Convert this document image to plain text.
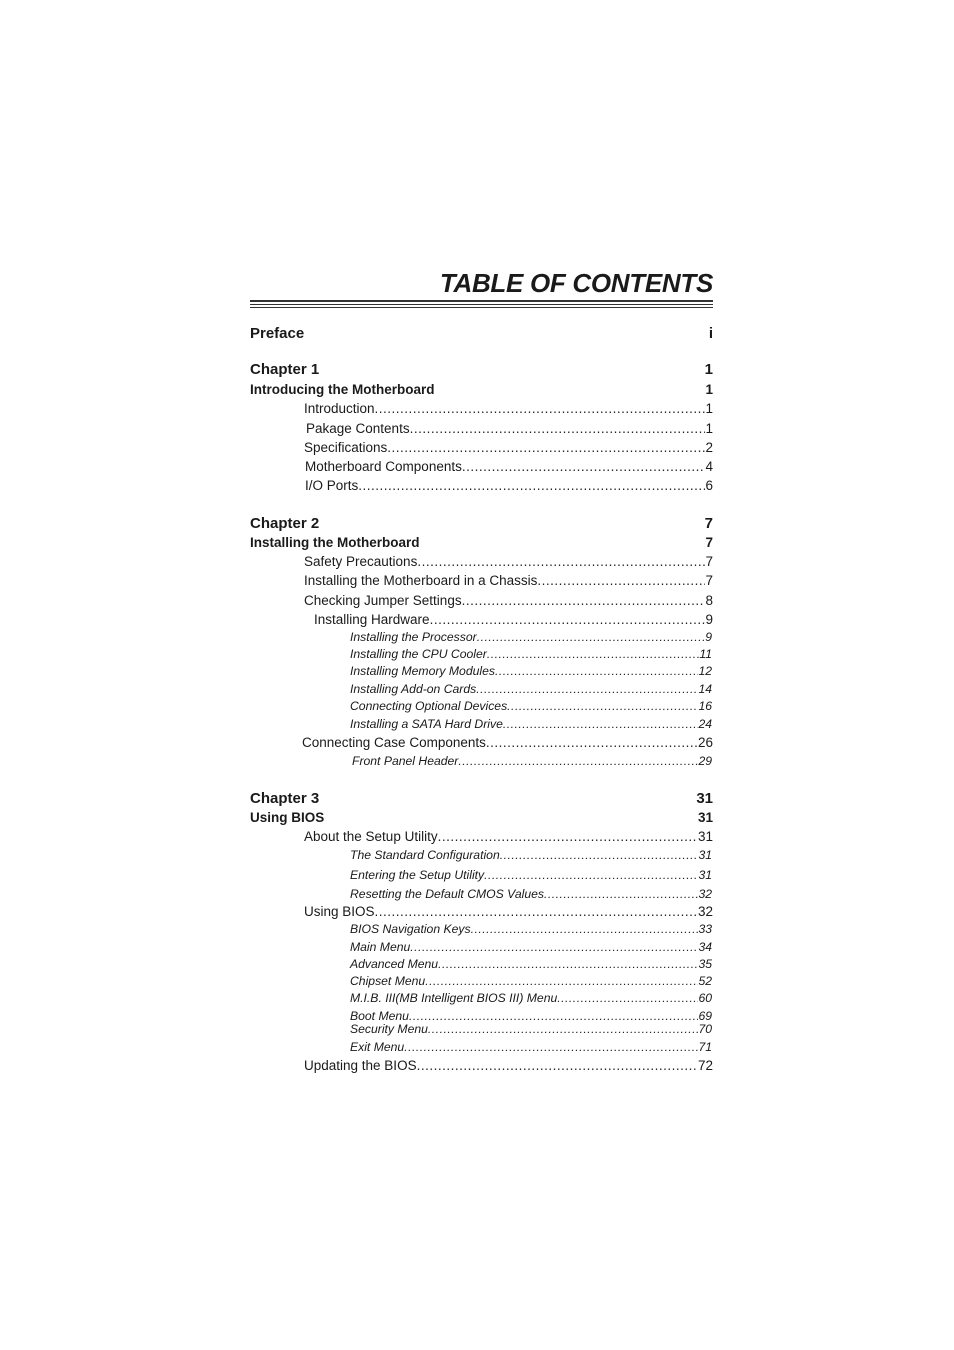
TABLE OF CONTENTS
Preface	i
Chapter 1	1
Introducing the Motherboard	1
Introduction .....	1
Pakage Contents .....	1
Specifications .....	2
Motherboard Components .....	4
I/O Ports .....	6
Chapter 2	7
Installing the Motherboard	7
Safety Precautions .....	7
Installing the Motherboard in a Chassis .....	7
Checking Jumper Settings .....	8
Installing Hardware .....	9
Installing the Processor .....	9
Installing the CPU Cooler .....	11
Installing Memory Modules .....	12
Installing Add-on Cards .....	14
Connecting Optional Devices .....	16
Installing a SATA Hard Drive .....	24
Connecting Case Components .....	26
Front Panel Header .....	29
Chapter 3	31
Using BIOS	31
About the Setup Utility .....	31
The Standard Configuration .....	31
Entering the Setup Utility .....	31
Resetting the Default CMOS Values .....	32
Using BIOS .....	32
BIOS Navigation Keys .....	33
Main Menu .....	34
Advanced Menu .....	35
Chipset Menu .....	52
M.I.B. III(MB Intelligent BIOS III) Menu .....	60
Boot Menu .....	69
Security Menu .....	70
Exit Menu .....	71
Updating the BIOS .....	72
